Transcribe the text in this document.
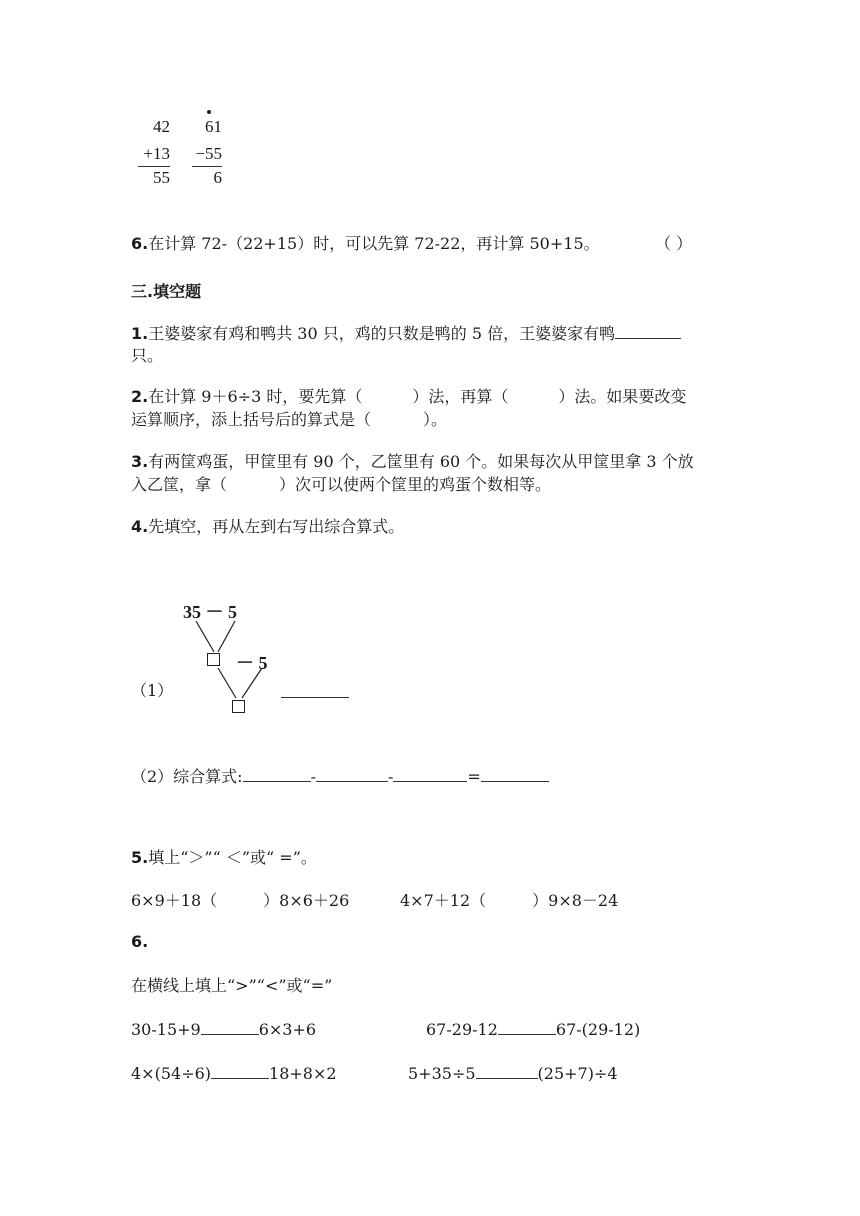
42
+13
55
61
−55
6
6.在计算 72-（22+15）时，可以先算 72-22，再计算 50+15。	（ ）
三.填空题
1.王婆婆家有鸡和鸭共 30 只，鸡的只数是鸭的 5 倍，王婆婆家有鸭
只。
2.在计算 9＋6÷3 时，要先算（	）法，再算（	）法。如果要改变
运算顺序，添上括号后的算式是（	）。
3.有两筐鸡蛋，甲筐里有 90 个，乙筐里有 60 个。如果每次从甲筐里拿 3 个放
入乙筐，拿（	）次可以使两个筐里的鸡蛋个数相等。
4.先填空，再从左到右写出综合算式。
35 － 5
－ 5
（1）
（2）综合算式:	-	-	=
5.填上“＞”“ ＜”或“ =”。
6×9＋18（	）8×6＋26	4×7＋12（	）9×8－24
6.
在横线上填上“>”“<”或“=”
30-15+9	6×3+6	67-29-12	67-(29-12)
4×(54÷6)	18+8×2	5+35÷5	(25+7)÷4
